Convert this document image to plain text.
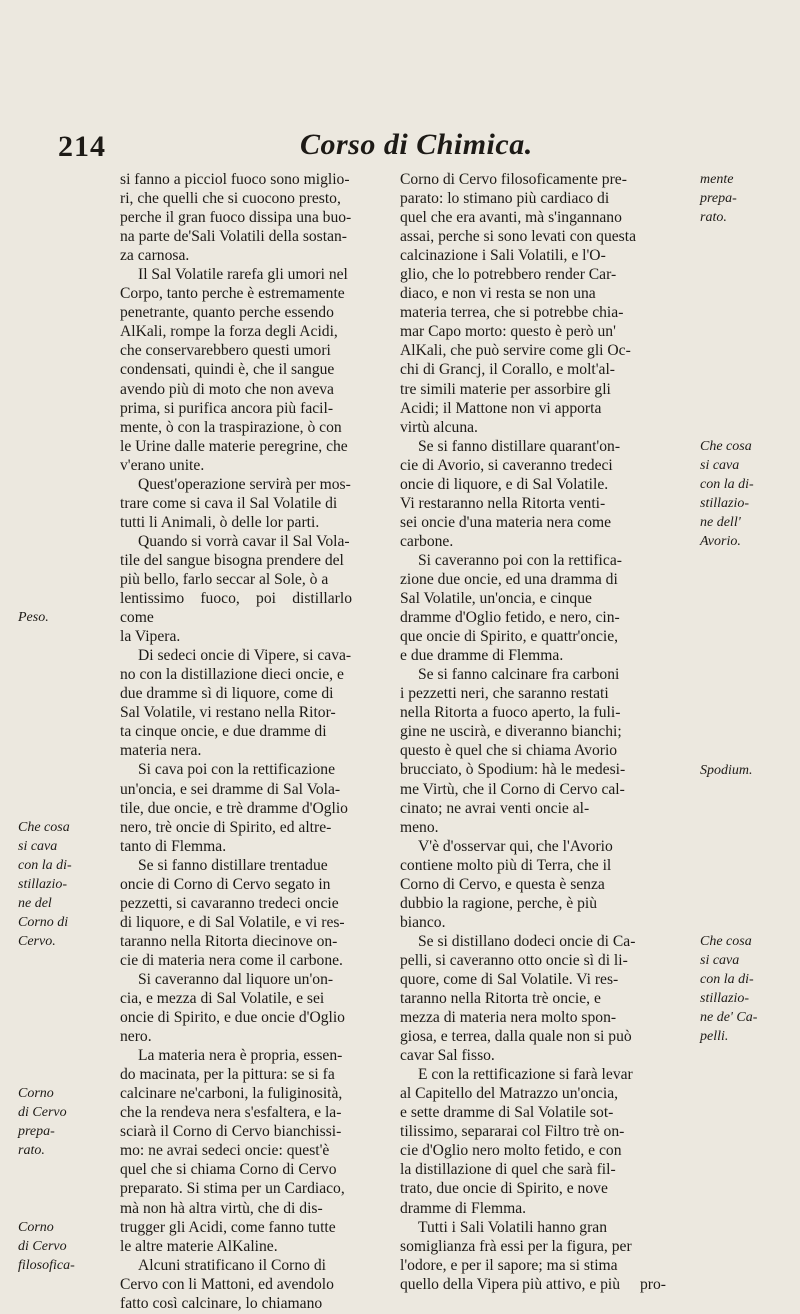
214	Corso di Chimica.

si fanno a picciol fuoco sono miglio-
ri, che quelli che si cuocono presto,
perche il gran fuoco dissipa una buo-
na parte de'Sali Volatili della sostan-
za carnosa.

Il Sal Volatile rarefa gli umori nel
Corpo, tanto perche è estremamente
penetrante, quanto perche essendo
AlKali, rompe la forza degli Acidi,
che conservarebbero questi umori
condensati, quindi è, che il sangue
avendo più di moto che non aveva
prima, si purifica ancora più facil-
mente, ò con la traspirazione, ò con
le Urine dalle materie peregrine, che
v'erano unite.

Quest'operazione servirà per mos-
trare come si cava il Sal Volatile di
tutti li Animali, ò delle lor parti.

Quando si vorrà cavar il Sal Vola-
tile del sangue bisogna prendere del
più bello, farlo seccar al Sole, ò a
lentissimo fuoco, poi distillarlo come
la Vipera.

Di sedeci oncie di Vipere, si cava-
no con la distillazione dieci oncie, e
due dramme sì di liquore, come di
Sal Volatile, vi restano nella Ritor-
ta cinque oncie, e due dramme di
materia nera.

Si cava poi con la rettificazione
un'oncia, e sei dramme di Sal Vola-
tile, due oncie, e trè dramme d'Oglio
nero, trè oncie di Spirito, ed altre-
tanto di Flemma.

Se si fanno distillare trentadue
oncie di Corno di Cervo segato in
pezzetti, si cavaranno tredeci oncie
di liquore, e di Sal Volatile, e vi res-
taranno nella Ritorta diecinove on-
cie di materia nera come il carbone.

Si caveranno dal liquore un'on-
cia, e mezza di Sal Volatile, e sei
oncie di Spirito, e due oncie d'Oglio
nero.

La materia nera è propria, essen-
do macinata, per la pittura: se si fa
calcinare ne'carboni, la fuliginosità,
che la rendeva nera s'esfaltera, e la-
sciarà il Corno di Cervo bianchissi-
mo: ne avrai sedeci oncie: quest'è
quel che si chiama Corno di Cervo
preparato. Si stima per un Cardiaco,
mà non hà altra virtù, che di dis-
trugger gli Acidi, come fanno tutte
le altre materie AlKaline.

Alcuni stratificano il Corno di
Cervo con li Mattoni, ed avendolo
fatto così calcinare, lo chiamano

Corno di Cervo filosoficamente pre-
parato: lo stimano più cardiaco di
quel che era avanti, mà s'ingannano
assai, perche si sono levati con questa
calcinazione i Sali Volatili, e l'O-
glio, che lo potrebbero render Car-
diaco, e non vi resta se non una
materia terrea, che si potrebbe chia-
mar Capo morto: questo è però un'
AlKali, che può servire come gli Oc-
chi di Grancj, il Corallo, e molt'al-
tre simili materie per assorbire gli
Acidi; il Mattone non vi apporta
virtù alcuna.

Se si fanno distillare quarant'on-
cie di Avorio, si caveranno tredeci
oncie di liquore, e di Sal Volatile.
Vi restaranno nella Ritorta venti-
sei oncie d'una materia nera come
carbone.

Si caveranno poi con la rettifica-
zione due oncie, ed una dramma di
Sal Volatile, un'oncia, e cinque
dramme d'Oglio fetido, e nero, cin-
que oncie di Spirito, e quattr'oncie,
e due dramme di Flemma.

Se si fanno calcinare fra carboni
i pezzetti neri, che saranno restati
nella Ritorta a fuoco aperto, la fuli-
gine ne uscirà, e diveranno bianchi;
questo è quel che si chiama Avorio
brucciato, ò Spodium: hà le medesi-
me Virtù, che il Corno di Cervo cal-
cinato; ne avrai venti oncie al-
meno.

V'è d'osservar qui, che l'Avorio
contiene molto più di Terra, che il
Corno di Cervo, e questa è senza
dubbio la ragione, perche, è più
bianco.

Se si distillano dodeci oncie di Ca-
pelli, si caveranno otto oncie sì di li-
quore, come di Sal Volatile. Vi res-
taranno nella Ritorta trè oncie, e
mezza di materia nera molto spon-
giosa, e terrea, dalla quale non si può
cavar Sal fisso.

E con la rettificazione si farà levar
al Capitello del Matrazzo un'oncia,
e sette dramme di Sal Volatile sot-
tilissimo, separarai col Filtro trè on-
cie d'Oglio nero molto fetido, e con
la distillazione di quel che sarà fil-
trato, due oncie di Spirito, e nove
dramme di Flemma.

Tutti i Sali Volatili hanno gran
somiglianza frà essi per la figura, per
l'odore, e per il sapore; ma si stima
quello della Vipera più attivo, e più

Peso.
Che cosa
si cava
con la di-
stillazio-
ne del
Corno di
Cervo.
Corno
di Cervo
prepa-
rato.
Corno
di Cervo
filosofica-
mente
prepa-
rato.
Che cosa
si cava
con la di-
stillazio-
ne dell'
Avorio.
Spodium.
Che cosa
si cava
con la di-
stillazio-
ne de' Ca-
pelli.
pro-
